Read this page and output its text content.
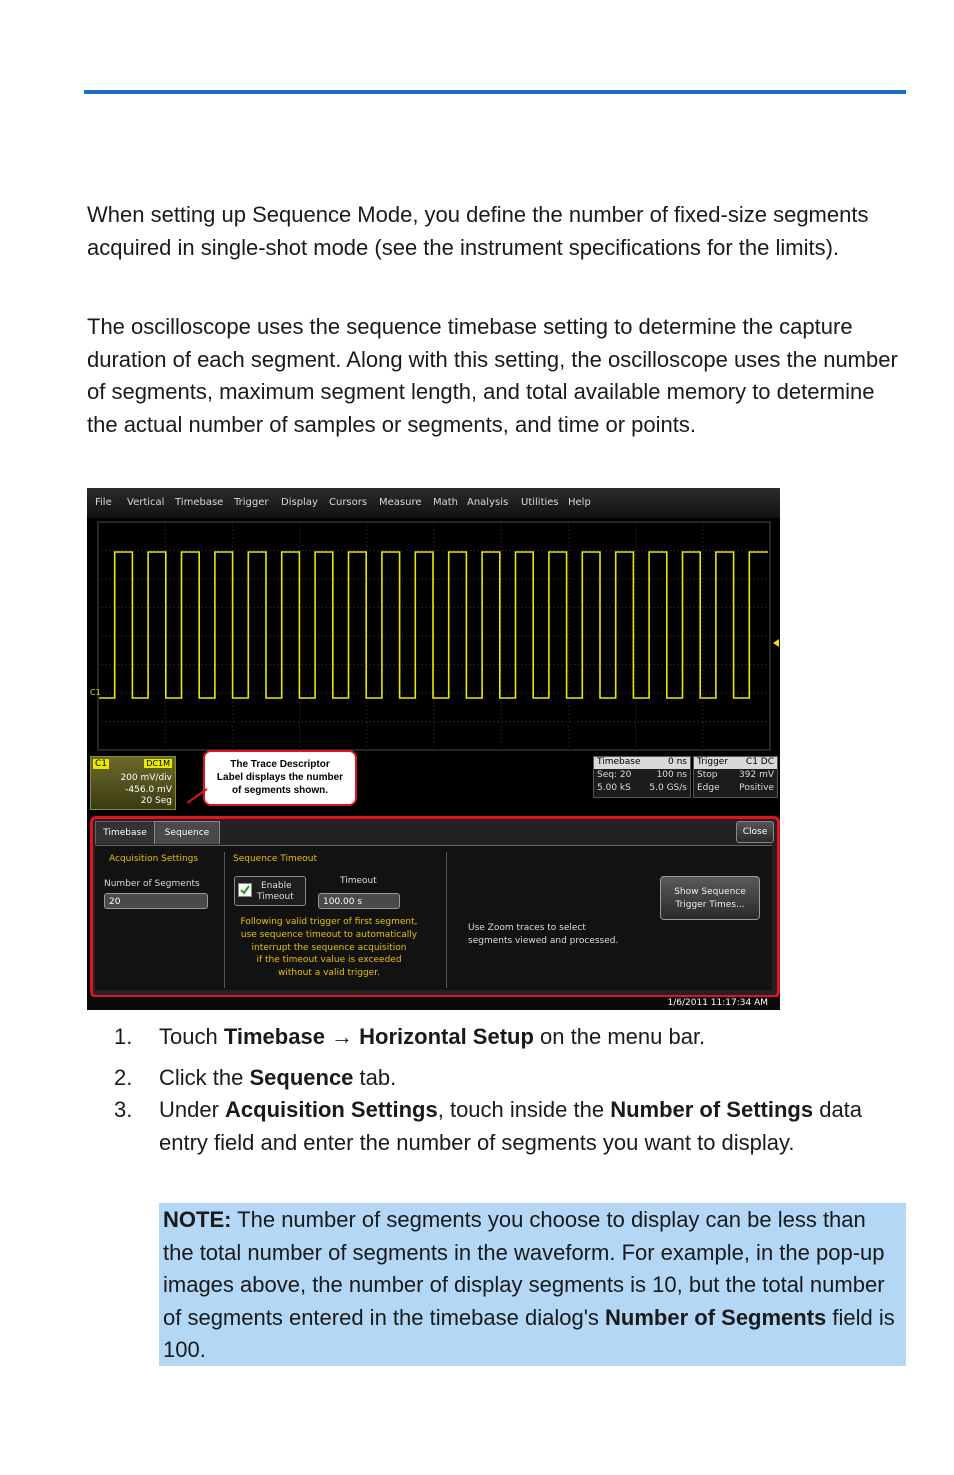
When setting up Sequence Mode, you define the number of fixed-size segments acquired in single-shot mode (see the instrument specifications for the limits).

The oscilloscope uses the sequence timebase setting to determine the capture duration of each segment. Along with this setting, the oscilloscope uses the number of segments, maximum segment length, and total available memory to determine the actual number of samples or segments, and time or points.

File Vertical Timebase Trigger Display Cursors Measure Math Analysis Utilities Help
C1
C1	DC1M
200 mV/div
-456.0 mV
20 Seg
The Trace Descriptor
Label displays the number
of segments shown.
Timebase	0 ns
Seq: 20	100 ns
5.00 kS 5.0 GS/s
Trigger C1 DC
Stop 392 mV
Edge Positive
Timebase	Sequence	Close
Acquisition Settings
Number of Segments
20
Sequence Timeout
Enable
Timeout
Timeout
100.00 s
Following valid trigger of first segment,
use sequence timeout to automatically
interrupt the sequence acquisition
if the timeout value is exceeded
without a valid trigger.
Use Zoom traces to select
segments viewed and processed.
Show Sequence
Trigger Times...
1/6/2011 11:17:34 AM
1. Touch Timebase → Horizontal Setup on the menu bar.
2. Click the Sequence tab.
3. Under Acquisition Settings, touch inside the Number of Settings data entry field and enter the number of segments you want to display.
NOTE: The number of segments you choose to display can be less than the total number of segments in the waveform. For example, in the pop-up images above, the number of display segments is 10, but the total number of segments entered in the timebase dialog's Number of Segments field is 100.
